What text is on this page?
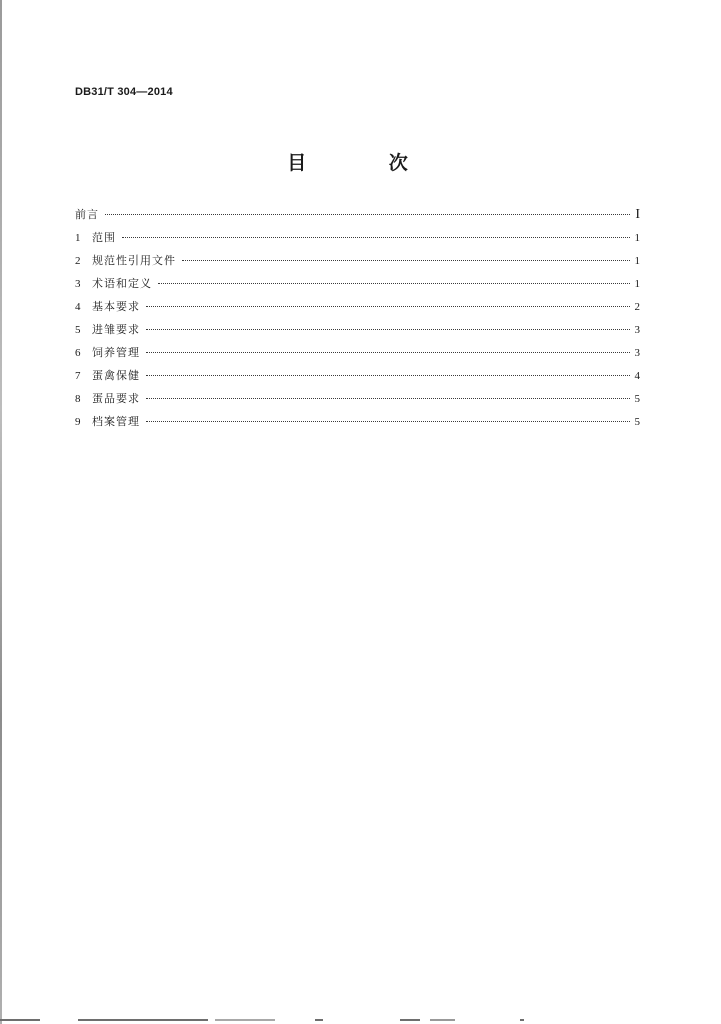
DB31/T 304—2014
目 次
前言	I
1	范围	1
2	规范性引用文件	1
3	术语和定义	1
4	基本要求	2
5	进雏要求	3
6	饲养管理	3
7	蛋禽保健	4
8	蛋品要求	5
9	档案管理	5
